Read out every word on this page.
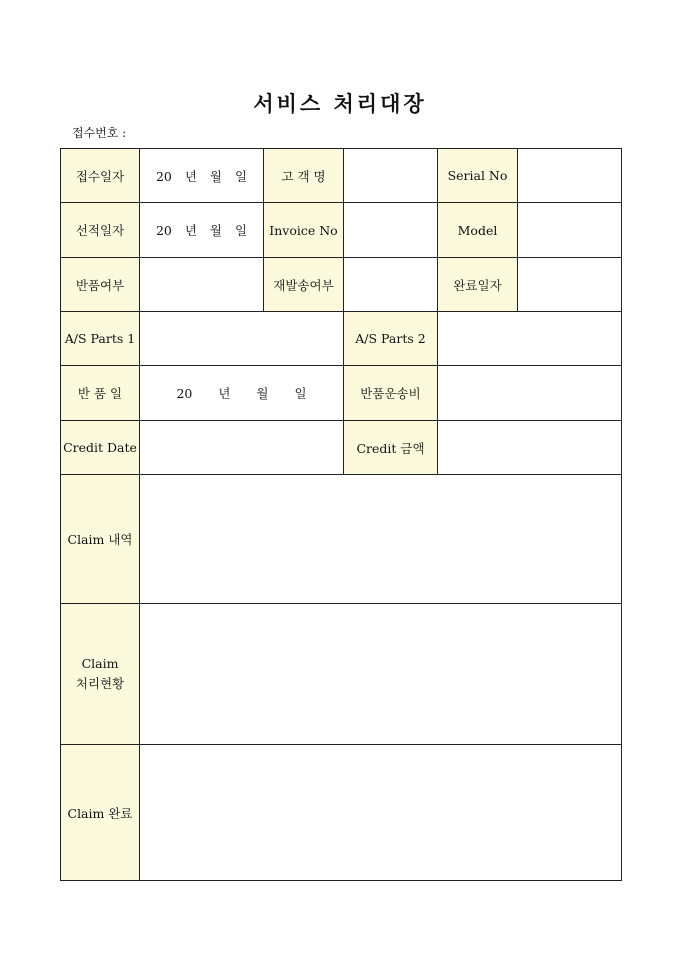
서비스 처리대장
접수번호 :
접수일자	20 년 월 일	고 객 명		Serial No	
선적일자	20 년 월 일	Invoice No		Model	
반품여부		재발송여부		완료일자	
A/S Parts 1			A/S Parts 2		
반 품 일	20 년 월 일		반품운송비		
Credit Date			Credit 금액		
Claim 내역					
Claim
처리현황					
Claim 완료					
